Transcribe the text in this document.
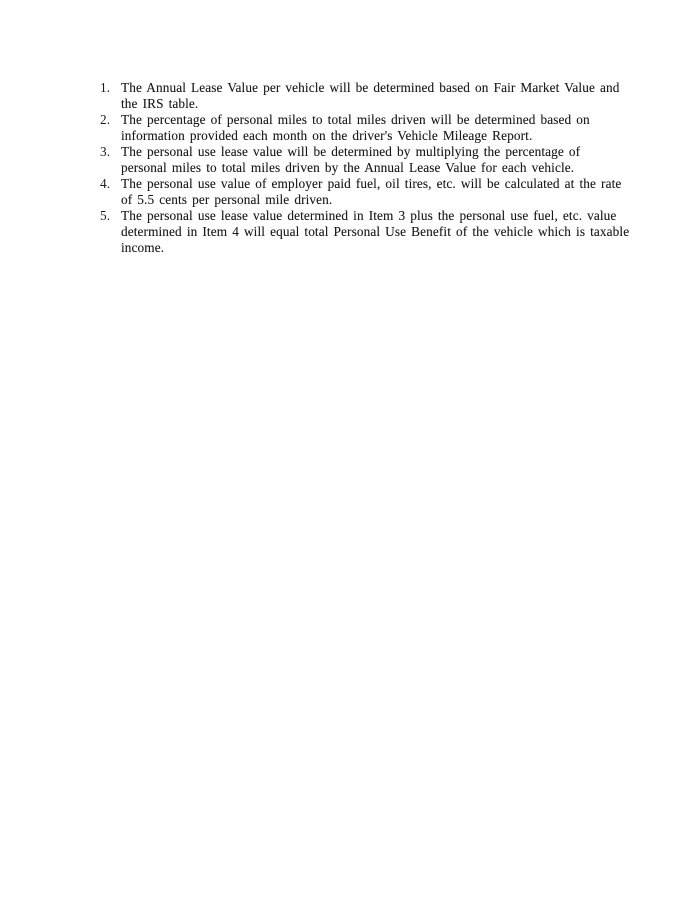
1. The Annual Lease Value per vehicle will be determined based on Fair Market Value and
the IRS table.
2. The percentage of personal miles to total miles driven will be determined based on
information provided each month on the driver's Vehicle Mileage Report.
3. The personal use lease value will be determined by multiplying the percentage of
personal miles to total miles driven by the Annual Lease Value for each vehicle.
4. The personal use value of employer paid fuel, oil tires, etc. will be calculated at the rate
of 5.5 cents per personal mile driven.
5. The personal use lease value determined in Item 3 plus the personal use fuel, etc. value
determined in Item 4 will equal total Personal Use Benefit of the vehicle which is taxable
income.
